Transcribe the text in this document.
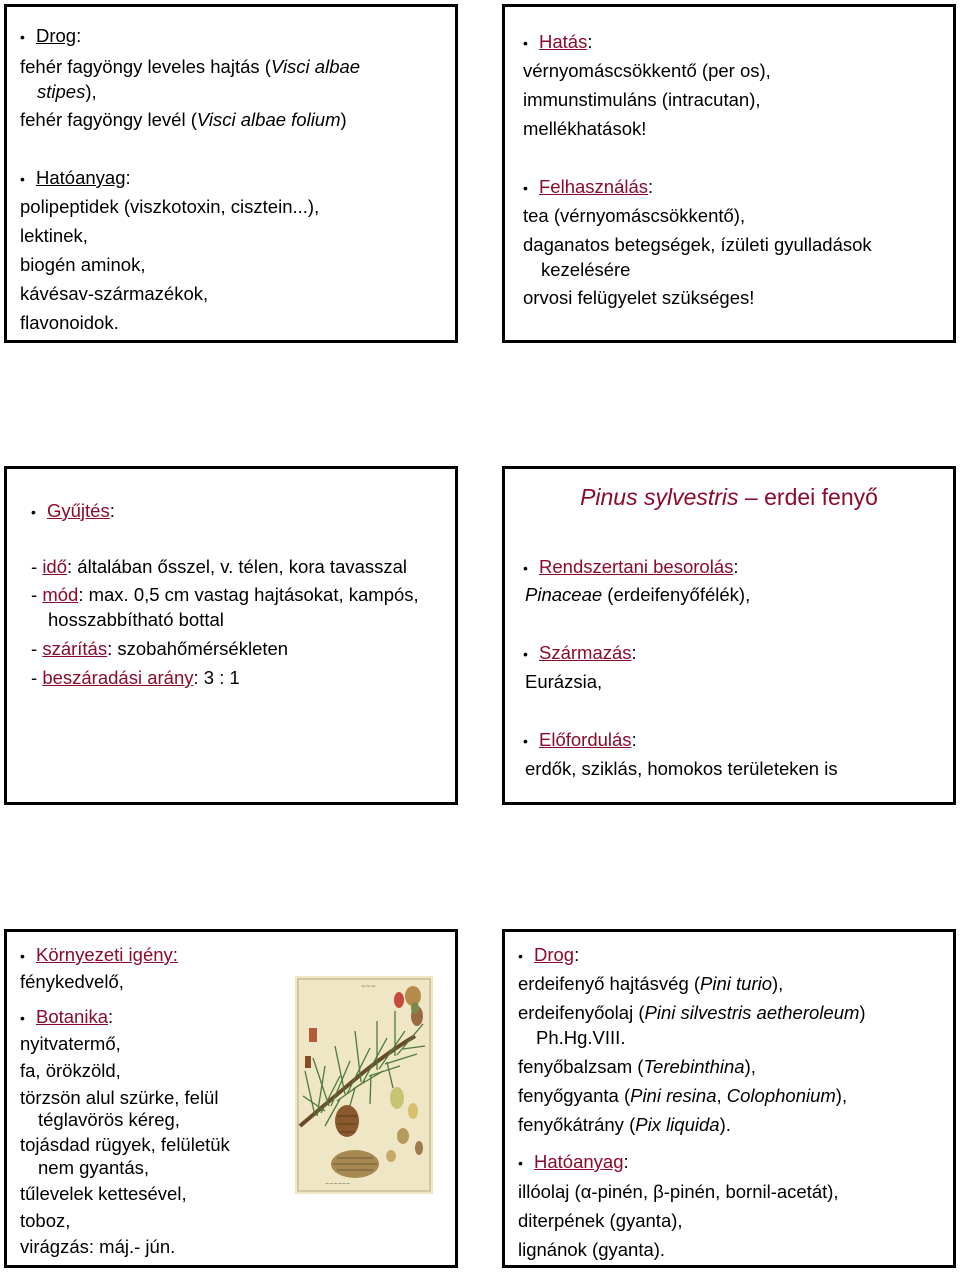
• Drog:
fehér fagyöngy leveles hajtás (Visci albae
stipes),
fehér fagyöngy levél (Visci albae folium)
• Hatóanyag:
polipeptidek (viszkotoxin, cisztein...),
lektinek,
biogén aminok,
kávésav-származékok,
flavonoidok.
• Hatás:
vérnyomáscsökkentő (per os),
immunstimuláns (intracutan),
mellékhatások!
• Felhasználás:
tea (vérnyomáscsökkentő),
daganatos betegségek, ízületi gyulladások
kezelésére
orvosi felügyelet szükséges!
• Gyűjtés:
- idő: általában ősszel, v. télen, kora tavasszal
- mód: max. 0,5 cm vastag hajtásokat, kampós,
hosszabbítható bottal
- szárítás: szobahőmérsékleten
- beszáradási arány: 3 : 1
Pinus sylvestris – erdei fenyő
• Rendszertani besorolás:
Pinaceae (erdeifenyőfélék),
• Származás:
Eurázsia,
• Előfordulás:
erdők, sziklás, homokos területeken is
• Környezeti igény:
fénykedvelő,
• Botanika:
nyitvatermő,
fa, örökzöld,
törzsön alul szürke, felül
téglavörös kéreg,
tojásdad rügyek, felületük
nem gyantás,
tűlevelek kettesével,
toboz,
virágzás: máj.- jún.
~~~
~~~~~~
• Drog:
erdeifenyő hajtásvég (Pini turio),
erdeifenyőolaj (Pini silvestris aetheroleum)
Ph.Hg.VIII.
fenyőbalzsam (Terebinthina),
fenyőgyanta (Pini resina, Colophonium),
fenyőkátrány (Pix liquida).
• Hatóanyag:
illóolaj (α-pinén, β-pinén, bornil-acetát),
diterpének (gyanta),
lignánok (gyanta).
